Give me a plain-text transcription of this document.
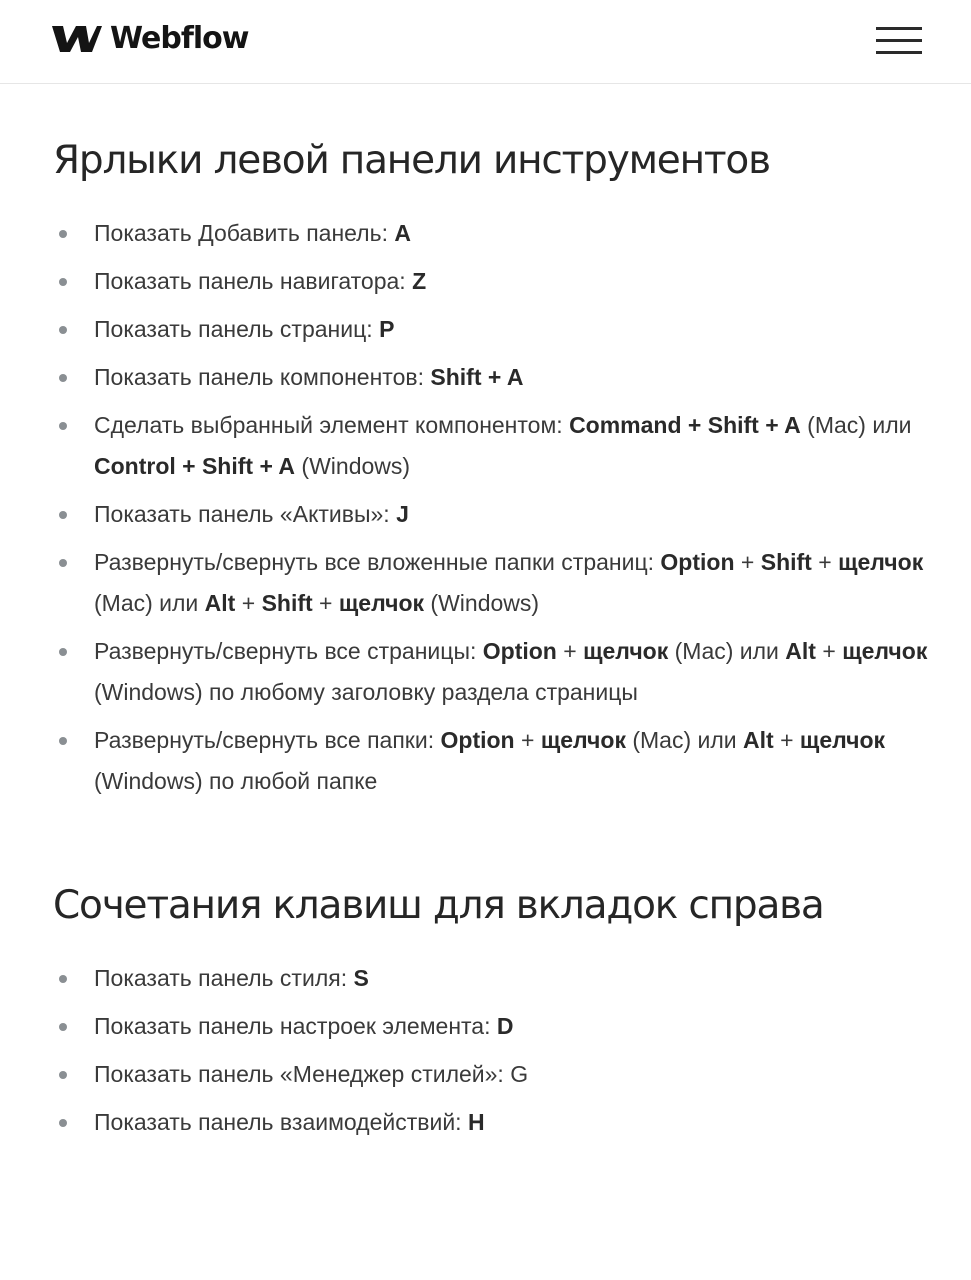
Webflow
Ярлыки левой панели инструментов
Показать Добавить панель: A
Показать панель навигатора: Z
Показать панель страниц: P
Показать панель компонентов: Shift + A
Сделать выбранный элемент компонентом: Command + Shift + A (Mac) или Control + Shift + A (Windows)
Показать панель «Активы»: J
Развернуть/свернуть все вложенные папки страниц: Option + Shift + щелчок (Mac) или Alt + Shift + щелчок (Windows)
Развернуть/свернуть все страницы: Option + щелчок (Mac) или Alt + щелчок (Windows) по любому заголовку раздела страницы
Развернуть/свернуть все папки: Option + щелчок (Mac) или Alt + щелчок (Windows) по любой папке
Сочетания клавиш для вкладок справа
Показать панель стиля: S
Показать панель настроек элемента: D
Показать панель «Менеджер стилей»: G
Показать панель взаимодействий: H
